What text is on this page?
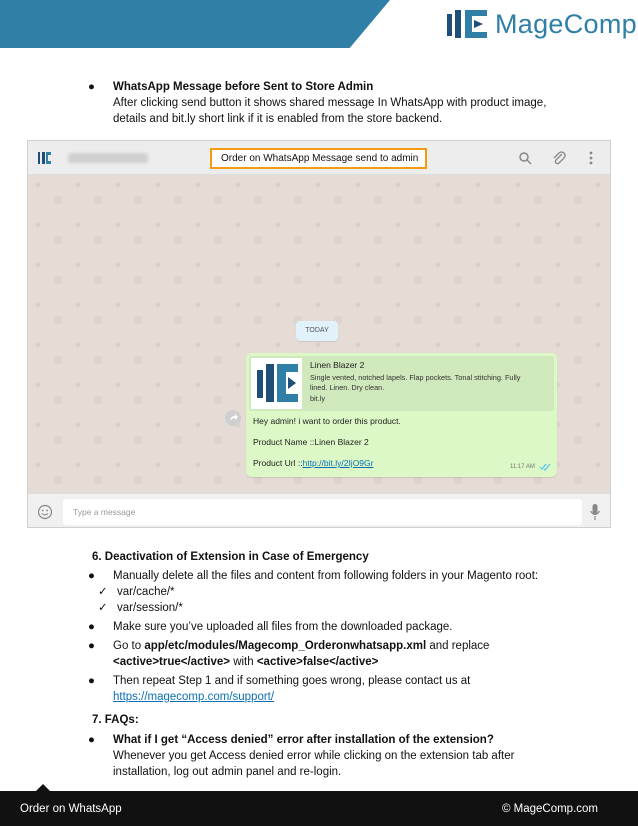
MageComp
● WhatsApp Message before Sent to Store Admin
After clicking send button it shows shared message In WhatsApp with product image,
details and bit.ly short link if it is enabled from the store backend.
Order on WhatsApp Message send to admin
TODAY
Linen Blazer 2
Single vented, notched lapels. Flap pockets. Tonal stitching. Fully
lined. Linen. Dry clean.
bit.ly
Hey admin! i want to order this product.
Product Name ::Linen Blazer 2
Product Url ::http://bit.ly/2IjO9Gr	11:17 AM
Type a message
6. Deactivation of Extension in Case of Emergency
● Manually delete all the files and content from following folders in your Magento root:
✓ var/cache/*
✓ var/session/*
● Make sure you’ve uploaded all files from the downloaded package.
● Go to app/etc/modules/Magecomp_Orderonwhatsapp.xml and replace
<active>true</active> with <active>false</active>
● Then repeat Step 1 and if something goes wrong, please contact us at
https://magecomp.com/support/
7. FAQs:
● What if I get “Access denied” error after installation of the extension?
Whenever you get Access denied error while clicking on the extension tab after
installation, log out admin panel and re-login.
Order on WhatsApp	© MageComp.com
